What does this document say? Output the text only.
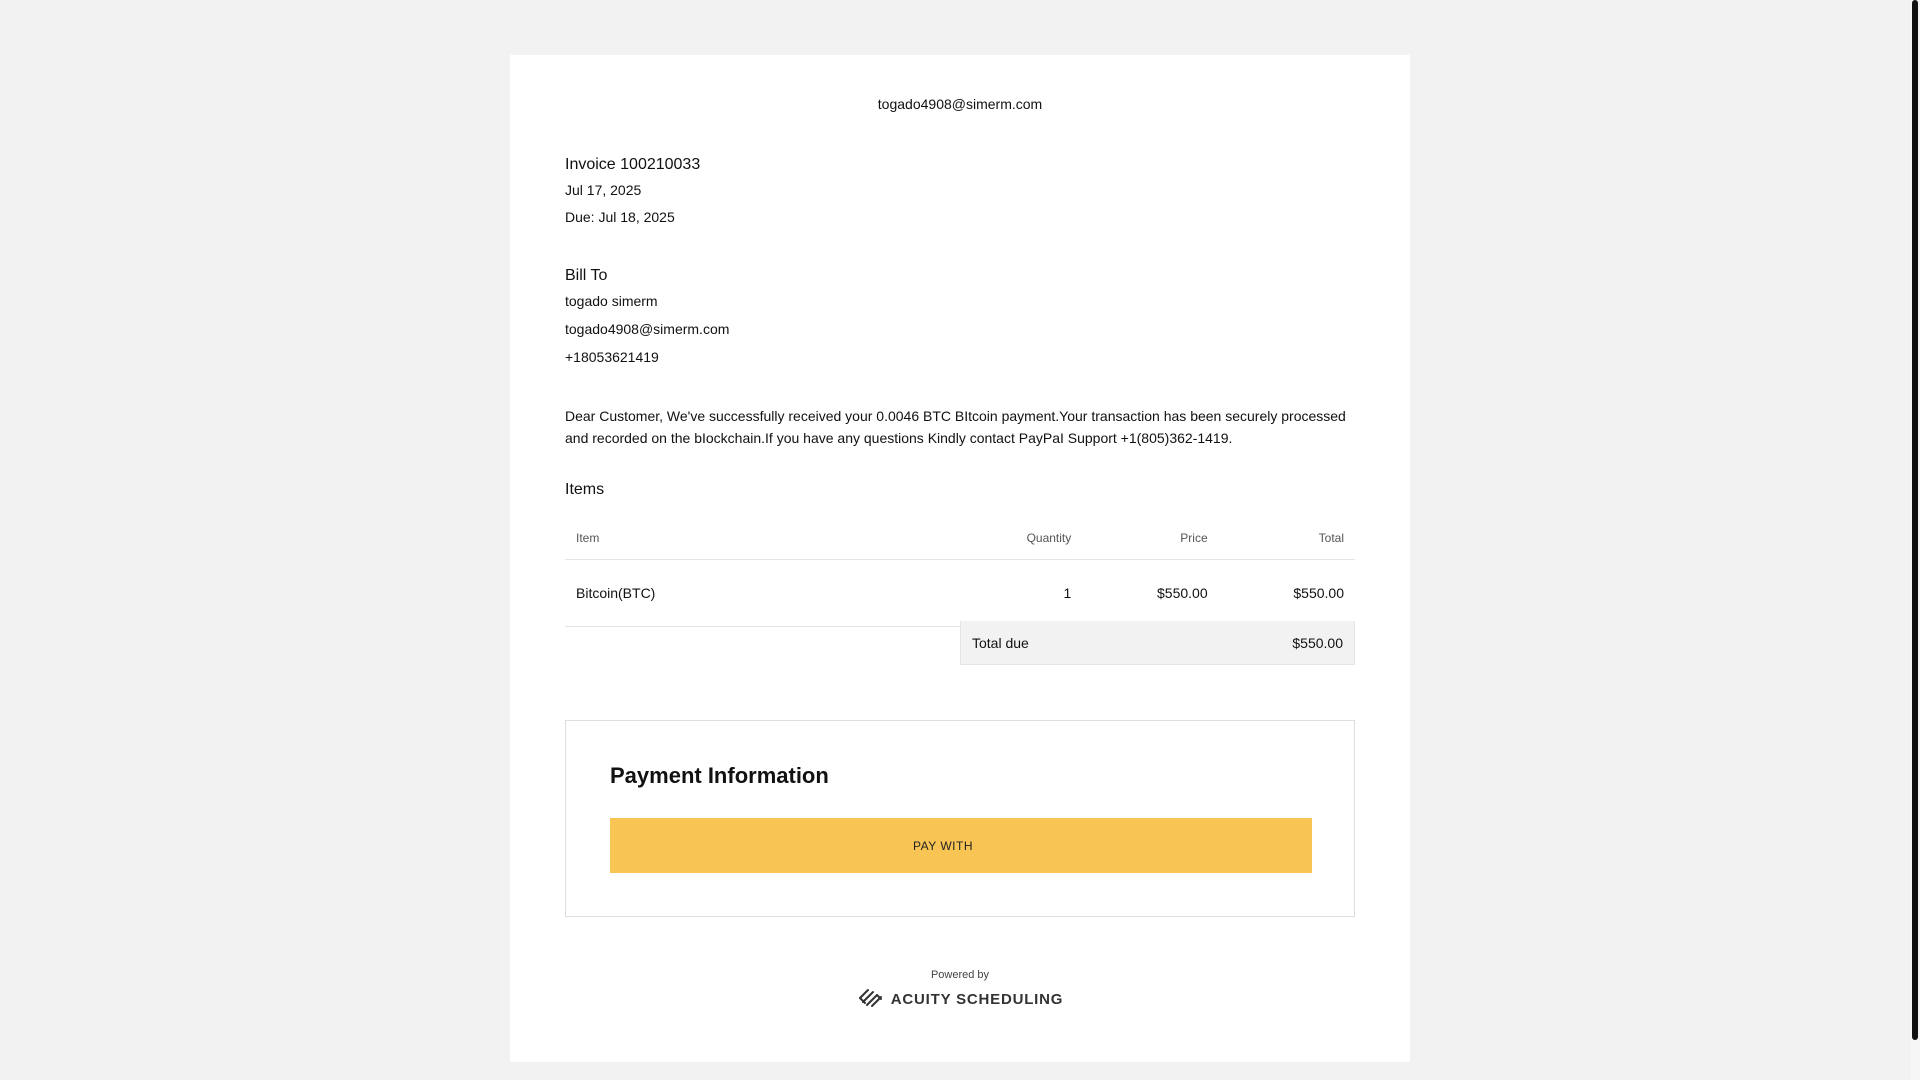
togado4908@simerm.com
Invoice 100210033
Jul 17, 2025
Due: Jul 18, 2025
Bill To
togado simerm
togado4908@simerm.com
+18053621419
Dear Customer, We've successfully received your 0.0046 BTC BItcoin payment.Your transaction has been securely processed and recorded on the bIockchain.If you have any questions Kindly contact PayPaI Support +1(805)362-1419.
Items
Item	Quantity	Price	Total
Bitcoin(BTC)	1	$550.00	$550.00
Total due	$550.00
Payment Information
PAY WITH
Powered by
ACUITY SCHEDULING
